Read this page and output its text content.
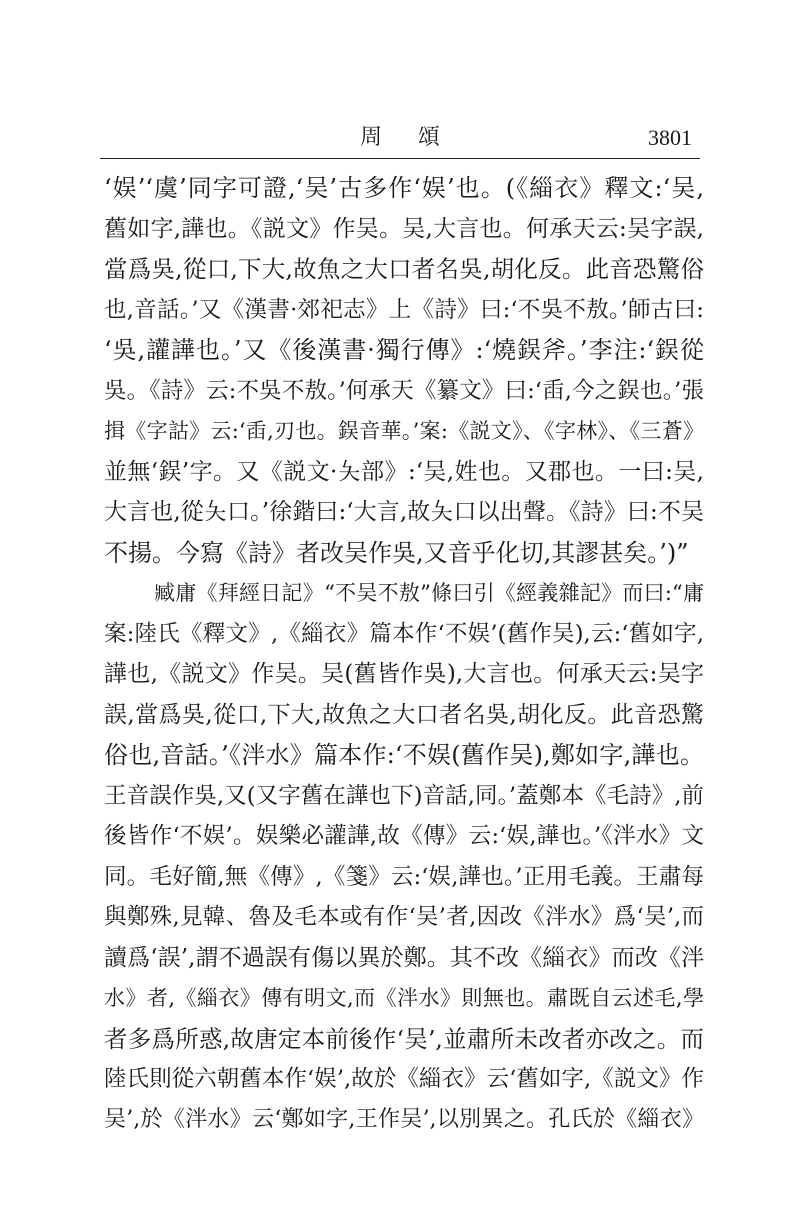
周頌	3801
‘娱’‘虞’同字可證,‘吴’古多作‘娱’也。(《緇衣》釋文:‘吴,
舊如字,譁也。《説文》作吴。吴,大言也。何承天云:吴字誤,
當爲吳,從口,下大,故魚之大口者名吳,胡化反。此音恐驚俗
也,音話。’又《漢書·郊祀志》上《詩》曰:‘不吳不敖。’師古曰:
‘吳,讙譁也。’又《後漢書·獨行傳》:‘燒鋘斧。’李注:‘鋘從
吳。《詩》云:不吳不敖。’何承天《纂文》曰:‘臿,今之鋘也。’張
揖《字詁》云:‘臿,刃也。鋘音華。’案:《説文》、《字林》、《三蒼》
並無‘鋘’字。又《説文·夨部》:‘吴,姓也。又郡也。一曰:吴,
大言也,從夨口。’徐鍇曰:‘大言,故夨口以出聲。《詩》曰:不吴
不揚。今寫《詩》者改吴作吳,又音乎化切,其謬甚矣。’)”
臧庸《拜經日記》“不吴不敖”條曰引《經義雜記》而曰:“庸
案:陸氏《釋文》,《緇衣》篇本作‘不娱’(舊作吴),云:‘舊如字,
譁也,《説文》作吴。吴(舊皆作吳),大言也。何承天云:吴字
誤,當爲吳,從口,下大,故魚之大口者名吳,胡化反。此音恐驚
俗也,音話。’《泮水》篇本作:‘不娱(舊作吴),鄭如字,譁也。
王音誤作吳,又(又字舊在譁也下)音話,同。’蓋鄭本《毛詩》,前
後皆作‘不娱’。娱樂必讙譁,故《傳》云:‘娱,譁也。’《泮水》文
同。毛好簡,無《傳》,《箋》云:‘娱,譁也。’正用毛義。王肅每
與鄭殊,見韓、魯及毛本或有作‘吴’者,因改《泮水》爲‘吴’,而
讀爲‘誤’,謂不過誤有傷以異於鄭。其不改《緇衣》而改《泮
水》者,《緇衣》傳有明文,而《泮水》則無也。肅既自云述毛,學
者多爲所惑,故唐定本前後作‘吴’,並肅所未改者亦改之。而
陸氏則從六朝舊本作‘娱’,故於《緇衣》云‘舊如字,《説文》作
吴’,於《泮水》云‘鄭如字,王作吴’,以別異之。孔氏於《緇衣》
